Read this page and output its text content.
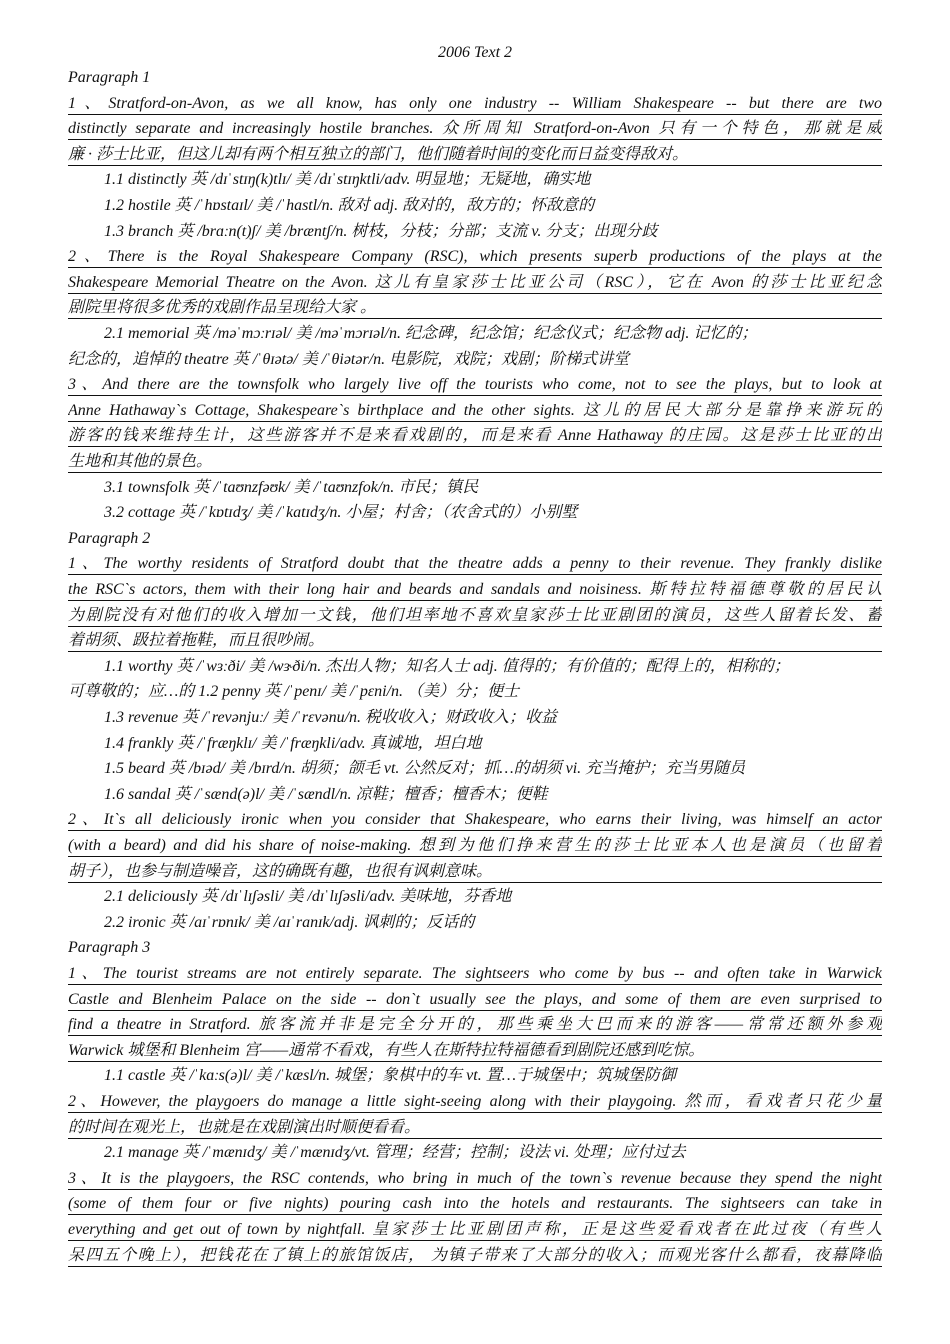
2006 Text 2
Paragraph 1
1、Stratford-on-Avon, as we all know, has only one industry -- William Shakespeare -- but there are two
distinctly separate and increasingly hostile branches. 众所周知 Stratford-on-Avon 只有一个特色，那就是威
廉 · 莎士比亚，但这儿却有两个相互独立的部门，他们随着时间的变化而日益变得敌对。
1.1 distinctly 英 /dɪˈstɪŋ(k)tlɪ/ 美 /dɪˈstɪŋktli/adv. 明显地；无疑地，确实地
1.2 hostile 英 /ˈhɒstaɪl/ 美 /ˈhastl/n. 敌对 adj. 敌对的，敌方的；怀敌意的
1.3 branch 英 /brɑːn(t)ʃ/ 美 /bræntʃ/n. 树枝，分枝；分部；支流 v. 分支；出现分歧
2、There is the Royal Shakespeare Company (RSC), which presents superb productions of the plays at the
Shakespeare Memorial Theatre on the Avon. 这儿有皇家莎士比亚公司（RSC），它在 Avon 的莎士比亚纪念
剧院里将很多优秀的戏剧作品呈现给大家 。
2.1 memorial 英 /məˈmɔːrɪəl/ 美 /məˈmɔrɪəl/n. 纪念碑，纪念馆；纪念仪式；纪念物 adj. 记忆的；
纪念的，追悼的 theatre 英 /ˈθɪətə/ 美 /ˈθiətər/n. 电影院，戏院；戏剧；阶梯式讲堂
3、And there are the townsfolk who largely live off the tourists who come, not to see the plays, but to look at
Anne Hathaway`s Cottage, Shakespeare`s birthplace and the other sights. 这儿的居民大部分是靠挣来游玩的
游客的钱来维持生计，这些游客并不是来看戏剧的，而是来看 Anne Hathaway 的庄园。这是莎士比亚的出
生地和其他的景色。
3.1 townsfolk 英 /ˈtaʊnzfəʊk/ 美 /ˈtaʊnzfok/n. 市民；镇民
3.2 cottage 英 /ˈkɒtɪdʒ/ 美 /ˈkatɪdʒ/n. 小屋；村舍；（农舍式的）小别墅
Paragraph 2
1、The worthy residents of Stratford doubt that the theatre adds a penny to their revenue. They frankly dislike
the RSC`s actors, them with their long hair and beards and sandals and noisiness. 斯特拉特福德尊敬的居民认
为剧院没有对他们的收入增加一文钱，他们坦率地不喜欢皇家莎士比亚剧团的演员，这些人留着长发、蓄
着胡须、趿拉着拖鞋，而且很吵闹。
1.1 worthy 英 /ˈwɜːði/ 美 /wɝði/n. 杰出人物；知名人士 adj. 值得的；有价值的；配得上的，相称的；
可尊敬的；应…的 1.2 penny 英 /ˈpenɪ/ 美 /ˈpɛni/n. （美）分；便士
1.3 revenue 英 /ˈrevənjuː/ 美 /ˈrɛvənu/n. 税收收入；财政收入；收益
1.4 frankly 英 /ˈfræŋklɪ/ 美 /ˈfræŋkli/adv. 真诚地，坦白地
1.5 beard 英 /bɪəd/ 美 /bɪrd/n. 胡须；颌毛 vt. 公然反对；抓…的胡须 vi. 充当掩护；充当男随员
1.6 sandal 英 /ˈsænd(ə)l/ 美 /ˈsændl/n. 凉鞋；檀香；檀香木；便鞋
2、It`s all deliciously ironic when you consider that Shakespeare, who earns their living, was himself an actor
(with a beard) and did his share of noise-making. 想到为他们挣来营生的莎士比亚本人也是演员（也留着
胡子），也参与制造噪音，这的确既有趣，也很有讽刺意味。
2.1 deliciously 英 /dɪˈlɪʃəsli/ 美 /dɪˈlɪʃəsli/adv. 美味地，芬香地
2.2 ironic 英 /aɪˈrɒnɪk/ 美 /aɪˈranɪk/adj. 讽刺的；反话的
Paragraph 3
1、The tourist streams are not entirely separate. The sightseers who come by bus -- and often take in Warwick
Castle and Blenheim Palace on the side -- don`t usually see the plays, and some of them are even surprised to
find a theatre in Stratford. 旅客流并非是完全分开的，那些乘坐大巴而来的游客——常常还额外参观
Warwick 城堡和 Blenheim 宫——通常不看戏，有些人在斯特拉特福德看到剧院还感到吃惊。
1.1 castle 英 /ˈkɑːs(ə)l/ 美 /ˈkæsl/n. 城堡；象棋中的车 vt. 置…于城堡中；筑城堡防御
2、However, the playgoers do manage a little sight-seeing along with their playgoing. 然而，看戏者只花少量
的时间在观光上，也就是在戏剧演出时顺便看看。
2.1 manage 英 /ˈmænɪdʒ/ 美 /ˈmænɪdʒ/vt. 管理；经营；控制；设法 vi. 处理；应付过去
3、It is the playgoers, the RSC contends, who bring in much of the town`s revenue because they spend the night
(some of them four or five nights) pouring cash into the hotels and restaurants. The sightseers can take in
everything and get out of town by nightfall. 皇家莎士比亚剧团声称，正是这些爱看戏者在此过夜（有些人
呆四五个晚上），把钱花在了镇上的旅馆饭店， 为镇子带来了大部分的收入；而观光客什么都看，夜幕降临
